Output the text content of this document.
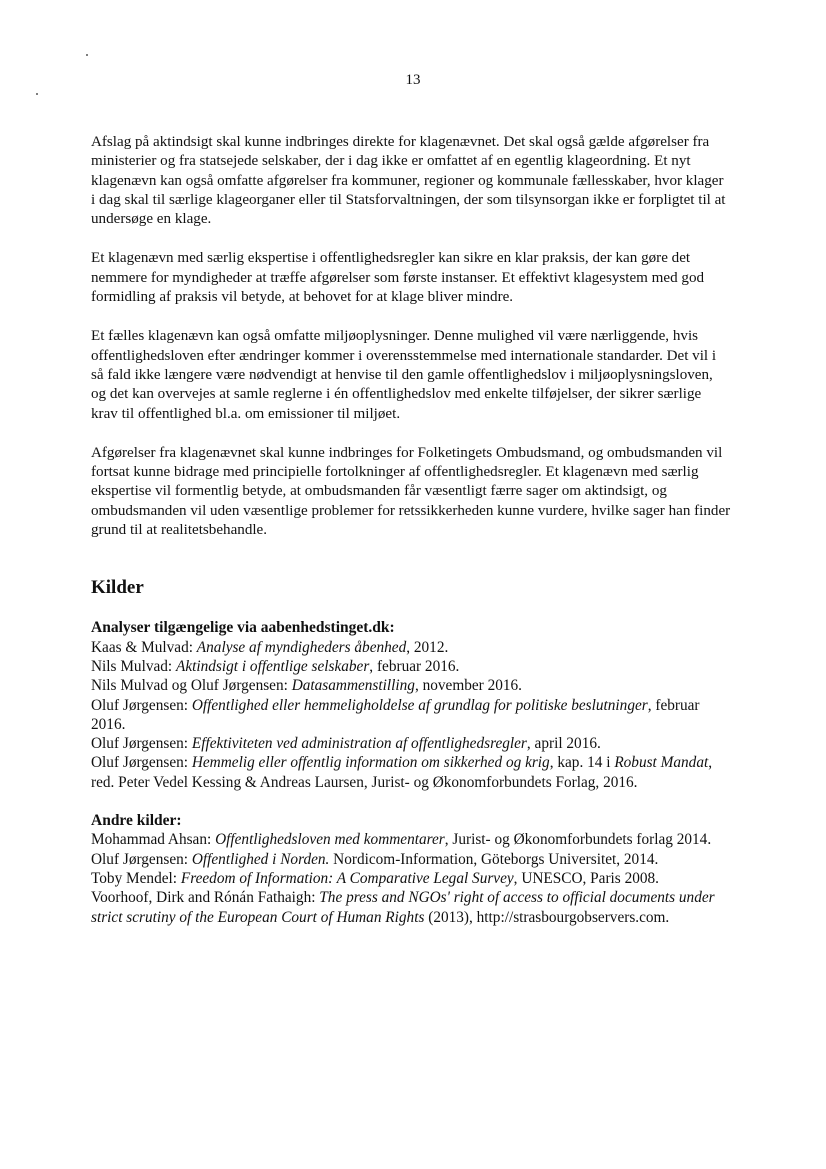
13

Afslag på aktindsigt skal kunne indbringes direkte for klagenævnet. Det skal også gælde afgørelser fra ministerier og fra statsejede selskaber, der i dag ikke er omfattet af en egentlig klageordning. Et nyt klagenævn kan også omfatte afgørelser fra kommuner, regioner og kommunale fællesskaber, hvor klager i dag skal til særlige klageorganer eller til Statsforvaltningen, der som tilsynsorgan ikke er forpligtet til at undersøge en klage.

Et klagenævn med særlig ekspertise i offentlighedsregler kan sikre en klar praksis, der kan gøre det nemmere for myndigheder at træffe afgørelser som første instanser. Et effektivt klagesystem med god formidling af praksis vil betyde, at behovet for at klage bliver mindre.

Et fælles klagenævn kan også omfatte miljøoplysninger. Denne mulighed vil være nærliggende, hvis offentlighedsloven efter ændringer kommer i overensstemmelse med internationale standarder. Det vil i så fald ikke længere være nødvendigt at henvise til den gamle offentlighedslov i miljøoplysningsloven, og det kan overvejes at samle reglerne i én offentlighedslov med enkelte tilføjelser, der sikrer særlige krav til offentlighed bl.a. om emissioner til miljøet.

Afgørelser fra klagenævnet skal kunne indbringes for Folketingets Ombudsmand, og ombudsmanden vil fortsat kunne bidrage med principielle fortolkninger af offentlighedsregler. Et klagenævn med særlig ekspertise vil formentlig betyde, at ombudsmanden får væsentligt færre sager om aktindsigt, og ombudsmanden vil uden væsentlige problemer for retssikkerheden kunne vurdere, hvilke sager han finder grund til at realitetsbehandle.

Kilder
Analyser tilgængelige via aabenhedstinget.dk:
Kaas & Mulvad: Analyse af myndigheders åbenhed, 2012.
Nils Mulvad: Aktindsigt i offentlige selskaber, februar 2016.
Nils Mulvad og Oluf Jørgensen: Datasammenstilling, november 2016.
Oluf Jørgensen: Offentlighed eller hemmeligholdelse af grundlag for politiske beslutninger, februar 2016.
Oluf Jørgensen: Effektiviteten ved administration af offentlighedsregler, april 2016.
Oluf Jørgensen: Hemmelig eller offentlig information om sikkerhed og krig, kap. 14 i Robust Mandat, red. Peter Vedel Kessing & Andreas Laursen, Jurist- og Økonomforbundets Forlag, 2016.
Andre kilder:
Mohammad Ahsan: Offentlighedsloven med kommentarer, Jurist- og Økonomforbundets forlag 2014.
Oluf Jørgensen: Offentlighed i Norden. Nordicom-Information, Göteborgs Universitet, 2014.
Toby Mendel: Freedom of Information: A Comparative Legal Survey, UNESCO, Paris 2008.
Voorhoof, Dirk and Rónán Fathaigh: The press and NGOs' right of access to official documents under strict scrutiny of the European Court of Human Rights (2013), http://strasbourgobservers.com.
